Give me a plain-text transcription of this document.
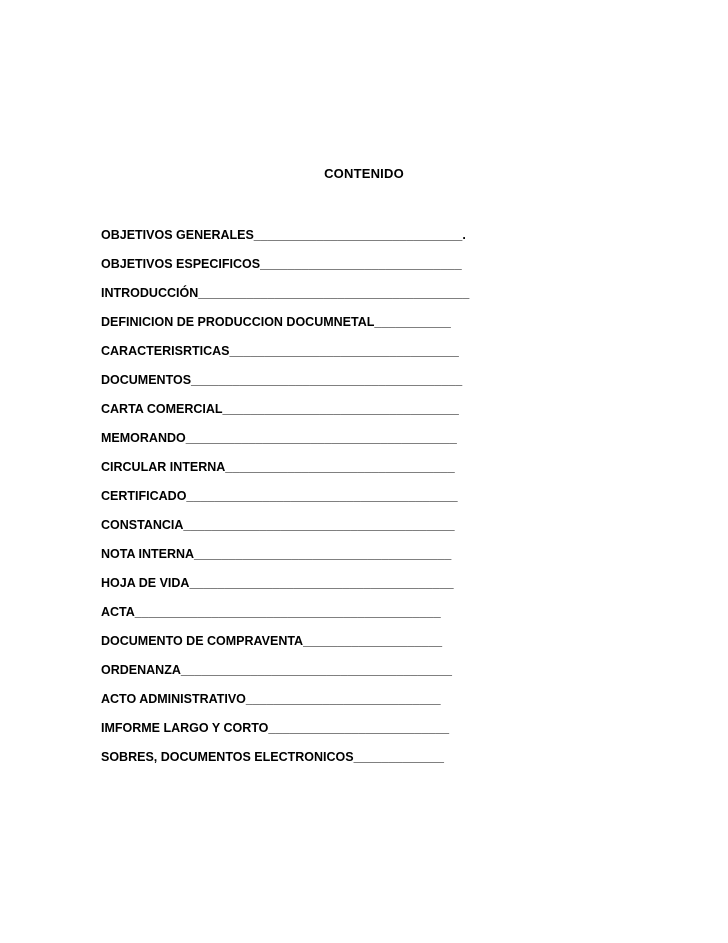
CONTENIDO
OBJETIVOS GENERALES______________________________.
OBJETIVOS ESPECIFICOS_____________________________
INTRODUCCIÓN_______________________________________
DEFINICION DE PRODUCCION DOCUMNETAL___________
CARACTERISRTICAS_________________________________
DOCUMENTOS_______________________________________
CARTA COMERCIAL__________________________________
MEMORANDO_______________________________________
CIRCULAR INTERNA_________________________________
CERTIFICADO_______________________________________
CONSTANCIA_______________________________________
NOTA INTERNA_____________________________________
HOJA DE VIDA______________________________________
ACTA____________________________________________
DOCUMENTO DE COMPRAVENTA____________________
ORDENANZA_______________________________________
ACTO ADMINISTRATIVO____________________________
IMFORME LARGO Y CORTO__________________________
SOBRES, DOCUMENTOS ELECTRONICOS_____________
